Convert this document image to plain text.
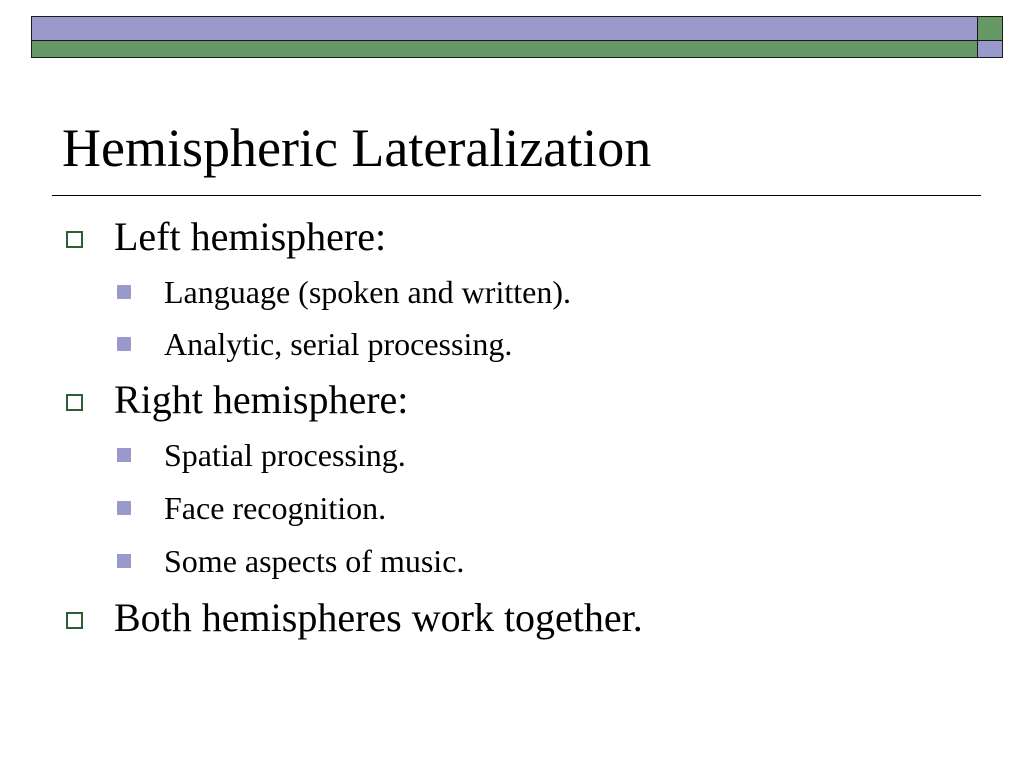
Hemispheric Lateralization
Left hemisphere:
Language (spoken and written).
Analytic, serial processing.
Right hemisphere:
Spatial processing.
Face recognition.
Some aspects of music.
Both hemispheres work together.
